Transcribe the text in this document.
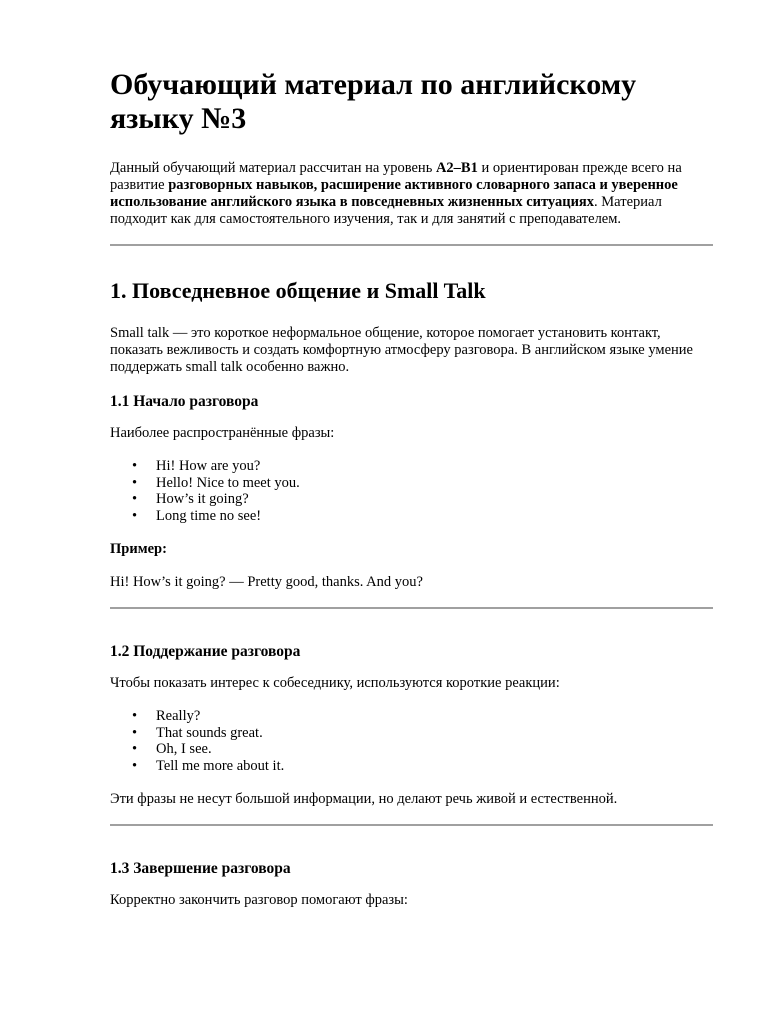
Обучающий материал по английскому языку №3

Данный обучающий материал рассчитан на уровень A2–B1 и ориентирован прежде всего на развитие разговорных навыков, расширение активного словарного запаса и уверенное использование английского языка в повседневных жизненных ситуациях. Материал подходит как для самостоятельного изучения, так и для занятий с преподавателем.

1. Повседневное общение и Small Talk

Small talk — это короткое неформальное общение, которое помогает установить контакт, показать вежливость и создать комфортную атмосферу разговора. В английском языке умение поддержать small talk особенно важно.

1.1 Начало разговора

Наиболее распространённые фразы:

• Hi! How are you?
• Hello! Nice to meet you.
• How’s it going?
• Long time no see!

Пример:

Hi! How’s it going? — Pretty good, thanks. And you?

1.2 Поддержание разговора

Чтобы показать интерес к собеседнику, используются короткие реакции:

• Really?
• That sounds great.
• Oh, I see.
• Tell me more about it.

Эти фразы не несут большой информации, но делают речь живой и естественной.

1.3 Завершение разговора

Корректно закончить разговор помогают фразы:
